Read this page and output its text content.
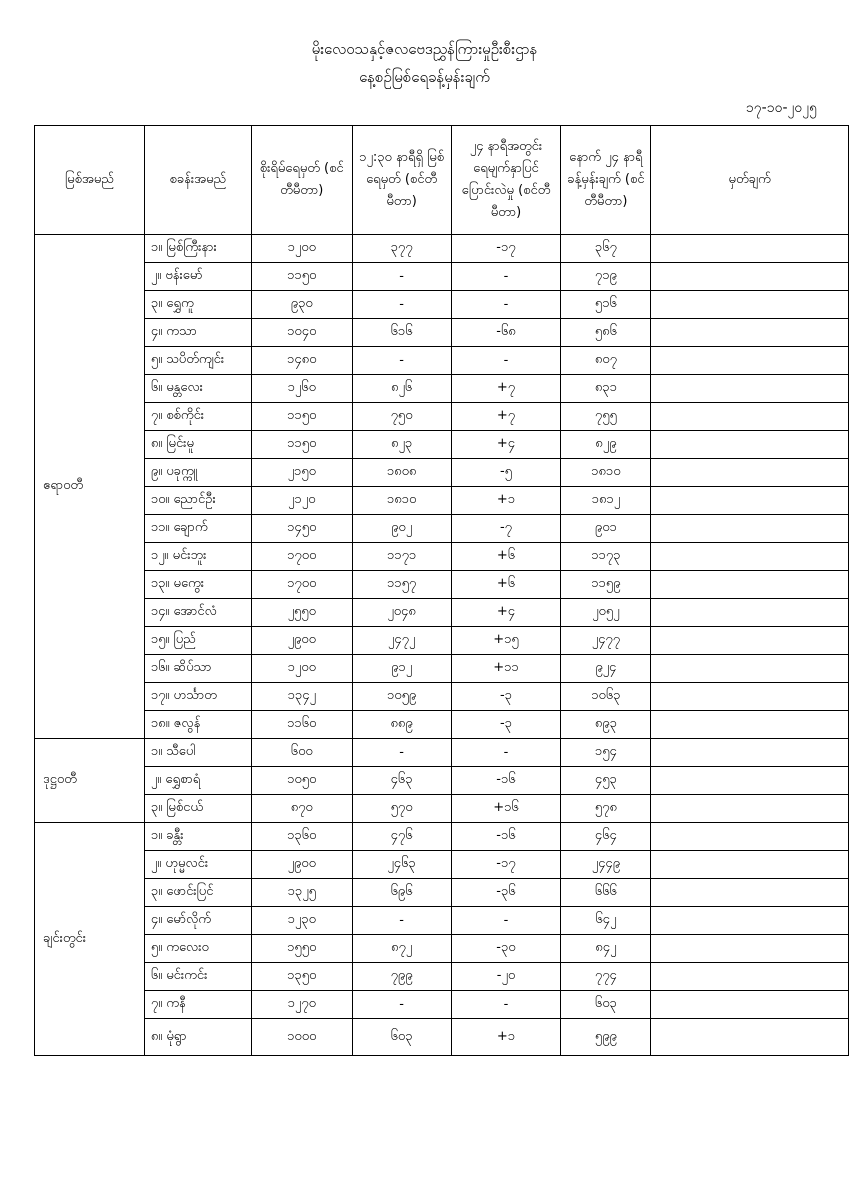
မိုးလေဝသနှင့်ဇလဗေဒညွှန်ကြားမှုဦးစီးဌာန
နေ့စဉ်မြစ်ရေခန့်မှန်းချက်
၁၇-၁၀-၂၀၂၅
မြစ်အမည်	စခန်းအမည်	စိုးရိမ်ရေမှတ် (စင်တီမီတာ)	၁၂:၃၀ နာရီရှိ မြစ်ရေမှတ် (စင်တီမီတာ)	၂၄ နာရီအတွင်း ရေမျက်နှာပြင် ပြောင်းလဲမှု (စင်တီမီတာ)	နောက် ၂၄ နာရီ ခန့်မှန်းချက် (စင်တီမီတာ)	မှတ်ချက်
ဧရာဝတီ	၁။ မြစ်ကြီးနား	၁၂၀၀	၃၇၇	-၁၇	၃၆၇	
	၂။ ဗန်းမော်	၁၁၅၀	-	-	၇၁၉	
	၃။ ရွှေကူ	၉၃၀	-	-	၅၁၆	
	၄။ ကသာ	၁၀၄၀	၆၁၆	-၆၈	၅၈၆	
	၅။ သပိတ်ကျင်း	၁၄၈၀	-	-	၈၀၇	
	၆။ မန္တလေး	၁၂၆၀	၈၂၆	+၇	၈၃၁	
	၇။ စစ်ကိုင်း	၁၁၅၀	၇၅၀	+၇	၇၅၅	
	၈။ မြင်းမူ	၁၁၅၀	၈၂၃	+၄	၈၂၉	
	၉။ ပခုက္ကူ	၂၁၅၀	၁၈၀၈	-၅	၁၈၁၀	
	၁၀။ ညောင်ဦး	၂၁၂၀	၁၈၁၀	+၁	၁၈၁၂	
	၁၁။ ချောက်	၁၄၅၀	၉၀၂	-၇	၉၀၁	
	၁၂။ မင်းဘူး	၁၇၀၀	၁၁၇၁	+၆	၁၁၇၃	
	၁၃။ မကွေး	၁၇၀၀	၁၁၅၇	+၆	၁၁၅၉	
	၁၄။ အောင်လံ	၂၅၅၀	၂၀၄၈	+၄	၂၀၅၂	
	၁၅။ ပြည်	၂၉၀၀	၂၄၇၂	+၁၅	၂၄၇၇	
	၁၆။ ဆိပ်သာ	၁၂၀၀	၉၁၂	+၁၁	၉၂၄	
	၁၇။ ဟင်္သာတ	၁၃၄၂	၁၀၅၉	-၃	၁၀၆၃	
	၁၈။ ဇလွန်	၁၁၆၀	၈၈၉	-၃	၈၉၃	
ဒုဋ္ဌဝတီ	၁။ သီပေါ	၆၀၀	-	-	၁၅၄	
	၂။ ရွှေစာရံ	၁၀၅၀	၄၆၃	-၁၆	၄၅၃	
	၃။ မြစ်ငယ်	၈၇၀	၅၇၀	+၁၆	၅၇၈	
ချင်းတွင်း	၁။ ခန္တီး	၁၃၆၀	၄၇၆	-၁၆	၄၆၄	
	၂။ ဟုမ္မလင်း	၂၉၀၀	၂၄၆၃	-၁၇	၂၄၄၉	
	၃။ ဖောင်းပြင်	၁၃၂၅	၆၉၆	-၃၆	၆၆၆	
	၄။ မော်လိုက်	၁၂၃၀	-	-	၆၄၂	
	၅။ ကလေးဝ	၁၅၅၀	၈၇၂	-၃၀	၈၄၂	
	၆။ မင်းကင်း	၁၃၅၀	၇၉၉	-၂၀	၇၇၄	
	၇။ ကနီ	၁၂၇၀	-	-	၆၀၃	
	၈။ မုံရွာ	၁၀၀၀	၆၀၃	+၁	၅၉၉	
